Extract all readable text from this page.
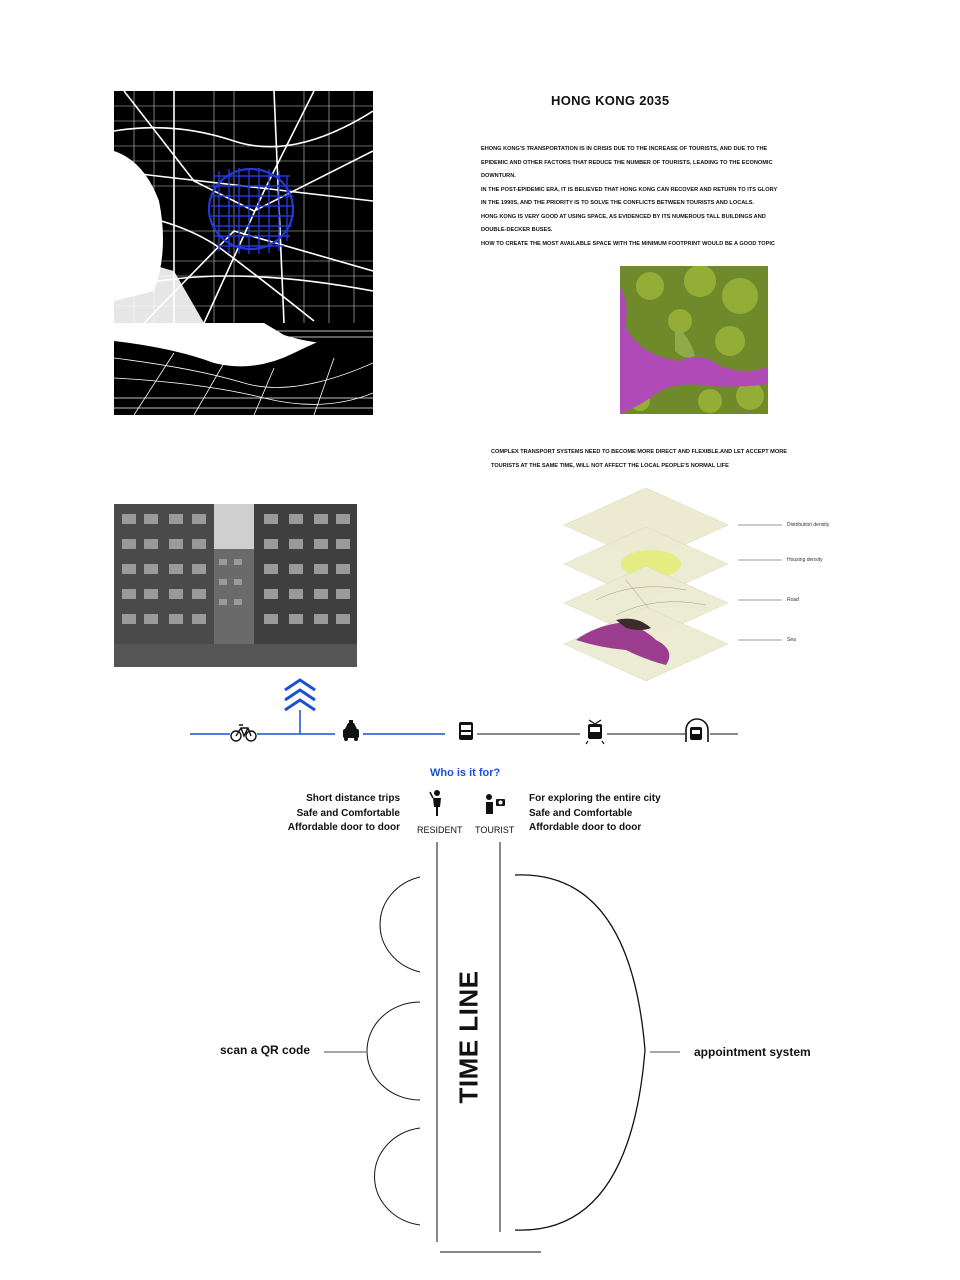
HONG KONG 2035

EHONG KONG'S TRANSPORTATION IS IN CRISIS DUE TO THE INCREASE OF TOURISTS, AND DUE TO THE EPIDEMIC AND OTHER FACTORS THAT REDUCE THE NUMBER OF TOURISTS, LEADING TO THE ECONOMIC DOWNTURN.

IN THE POST-EPIDEMIC ERA, IT IS BELIEVED THAT HONG KONG CAN RECOVER AND RETURN TO ITS GLORY IN THE 1990S, AND THE PRIORITY IS TO SOLVE THE CONFLICTS BETWEEN TOURISTS AND LOCALS.

HONG KONG IS VERY GOOD AT USING SPACE, AS EVIDENCED BY ITS NUMEROUS TALL BUILDINGS AND DOUBLE-DECKER BUSES.

HOW TO CREATE THE MOST AVAILABLE SPACE WITH THE MINIMUM FOOTPRINT WOULD BE A GOOD TOPIC

COMPLEX TRANSPORT SYSTEMS NEED TO BECOME MORE DIRECT AND FLEXIBLE.AND LET ACCEPT MORE TOURISTS AT THE SAME TIME, WILL NOT AFFECT THE LOCAL PEOPLE'S NORMAL LIFE
Distribution density
Housing density
Road
Sea
Who is it for?

Short distance trips

Safe and Comfortable

Affordable door to door

For exploring the entire city

Safe and Comfortable

Affordable door to door

RESIDENT TOURIST
TIME LINE
scan a QR code	appointment system
